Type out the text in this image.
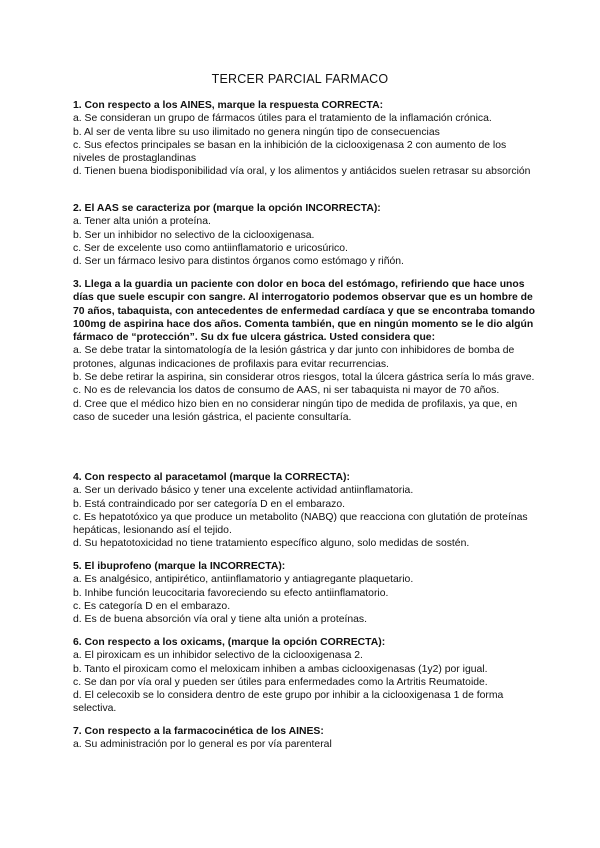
TERCER PARCIAL FARMACO
1. Con respecto a los AINES, marque la respuesta CORRECTA:
a. Se consideran un grupo de fármacos útiles para el tratamiento de la inflamación crónica.
b. Al ser de venta libre su uso ilimitado no genera ningún tipo de consecuencias
c. Sus efectos principales se basan en la inhibición de la ciclooxigenasa 2 con aumento de los niveles de prostaglandinas
d. Tienen buena biodisponibilidad vía oral, y los alimentos y antiácidos suelen retrasar su absorción
2. El AAS se caracteriza por (marque la opción INCORRECTA):
a. Tener alta unión a proteína.
b. Ser un inhibidor no selectivo de la ciclooxigenasa.
c. Ser de excelente uso como antiinflamatorio e uricosúrico.
d. Ser un fármaco lesivo para distintos órganos como estómago y riñón.
3. Llega a la guardia un paciente con dolor en boca del estómago, refiriendo que hace unos días que suele escupir con sangre. Al interrogatorio podemos observar que es un hombre de 70 años, tabaquista, con antecedentes de enfermedad cardíaca y que se encontraba tomando 100mg de aspirina hace dos años. Comenta también, que en ningún momento se le dio algún fármaco de “protección”. Su dx fue ulcera gástrica. Usted considera que:
a. Se debe tratar la sintomatología de la lesión gástrica y dar junto con inhibidores de bomba de protones, algunas indicaciones de profilaxis para evitar recurrencias.
b. Se debe retirar la aspirina, sin considerar otros riesgos, total la úlcera gástrica sería lo más grave.
c. No es de relevancia los datos de consumo de AAS, ni ser tabaquista ni mayor de 70 años.
d. Cree que el médico hizo bien en no considerar ningún tipo de medida de profilaxis, ya que, en caso de suceder una lesión gástrica, el paciente consultaría.
4. Con respecto al paracetamol (marque la CORRECTA):
a. Ser un derivado básico y tener una excelente actividad antiinflamatoria.
b. Está contraindicado por ser categoría D en el embarazo.
c. Es hepatotóxico ya que produce un metabolito (NABQ) que reacciona con glutatión de proteínas hepáticas, lesionando así el tejido.
d. Su hepatotoxicidad no tiene tratamiento específico alguno, solo medidas de sostén.
5. El ibuprofeno (marque la INCORRECTA):
a. Es analgésico, antipirético, antiinflamatorio y antiagregante plaquetario.
b. Inhibe función leucocitaria favoreciendo su efecto antiinflamatorio.
c. Es categoría D en el embarazo.
d. Es de buena absorción vía oral y tiene alta unión a proteínas.
6. Con respecto a los oxicams, (marque la opción CORRECTA):
a. El piroxicam es un inhibidor selectivo de la ciclooxigenasa 2.
b. Tanto el piroxicam como el meloxicam inhiben a ambas ciclooxigenasas (1y2) por igual.
c. Se dan por vía oral y pueden ser útiles para enfermedades como la Artritis Reumatoide.
d. El celecoxib se lo considera dentro de este grupo por inhibir a la ciclooxigenasa 1 de forma selectiva.
7. Con respecto a la farmacocinética de los AINES:
a. Su administración por lo general es por vía parenteral
